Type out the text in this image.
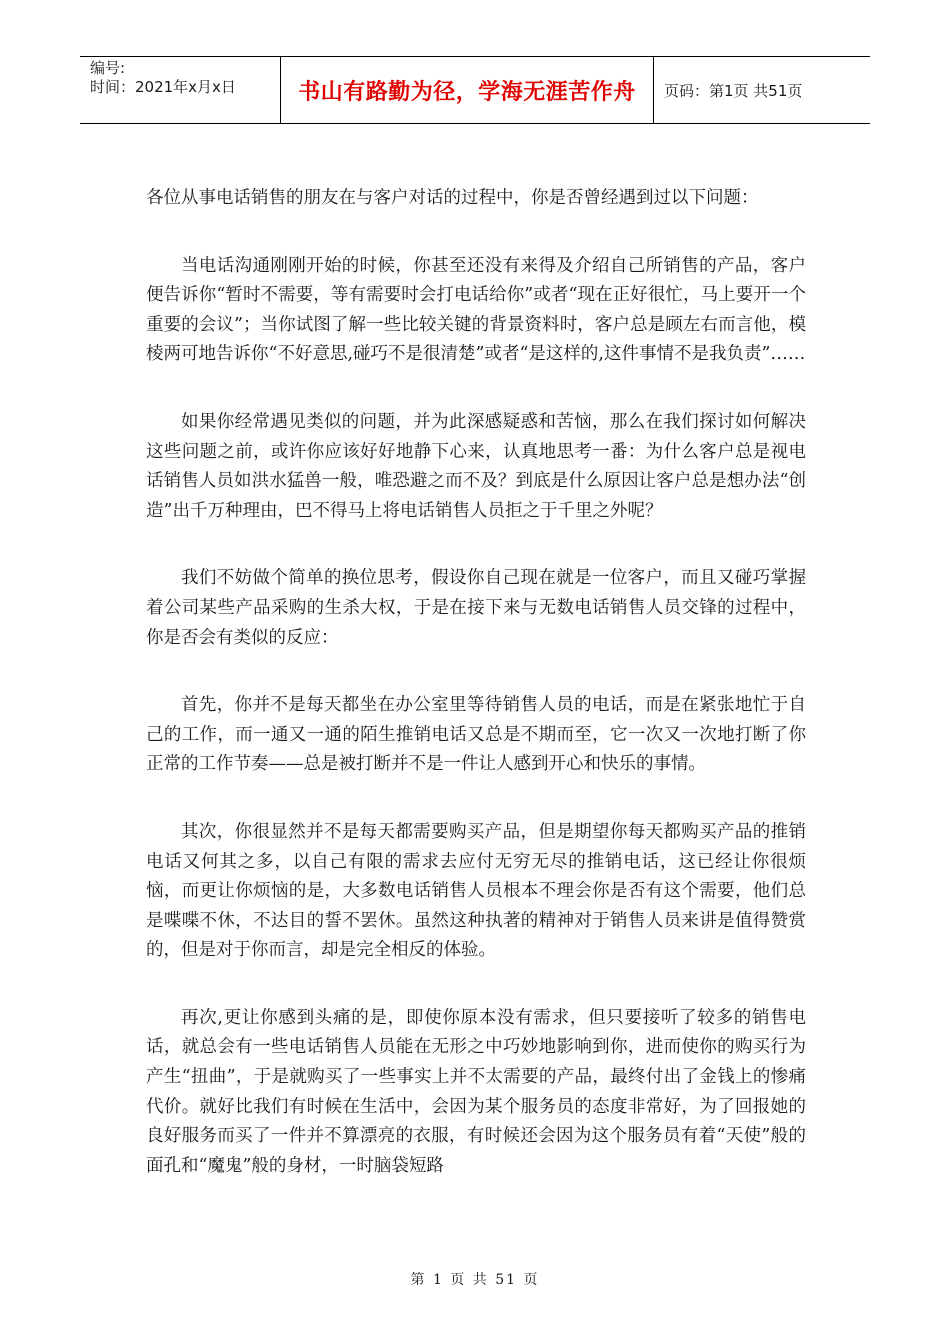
编号:
时间：2021年x月x日	书山有路勤为径，学海无涯苦作舟	页码：第1页 共51页

各位从事电话销售的朋友在与客户对话的过程中，你是否曾经遇到过以下问题：

当电话沟通刚刚开始的时候，你甚至还没有来得及介绍自己所销售的产品，客户便告诉你“暂时不需要，等有需要时会打电话给你”或者“现在正好很忙，马上要开一个重要的会议”；当你试图了解一些比较关键的背景资料时，客户总是顾左右而言他，模棱两可地告诉你“不好意思,碰巧不是很清楚”或者“是这样的,这件事情不是我负责”……

如果你经常遇见类似的问题，并为此深感疑惑和苦恼，那么在我们探讨如何解决这些问题之前，或许你应该好好地静下心来，认真地思考一番：为什么客户总是视电话销售人员如洪水猛兽一般，唯恐避之而不及？到底是什么原因让客户总是想办法“创造”出千万种理由，巴不得马上将电话销售人员拒之于千里之外呢？

我们不妨做个简单的换位思考，假设你自己现在就是一位客户，而且又碰巧掌握着公司某些产品采购的生杀大权，于是在接下来与无数电话销售人员交锋的过程中，你是否会有类似的反应：

首先，你并不是每天都坐在办公室里等待销售人员的电话，而是在紧张地忙于自己的工作，而一通又一通的陌生推销电话又总是不期而至，它一次又一次地打断了你正常的工作节奏——总是被打断并不是一件让人感到开心和快乐的事情。

其次，你很显然并不是每天都需要购买产品，但是期望你每天都购买产品的推销电话又何其之多，以自己有限的需求去应付无穷无尽的推销电话，这已经让你很烦恼，而更让你烦恼的是，大多数电话销售人员根本不理会你是否有这个需要，他们总是喋喋不休，不达目的誓不罢休。虽然这种执著的精神对于销售人员来讲是值得赞赏的，但是对于你而言，却是完全相反的体验。

再次,更让你感到头痛的是，即使你原本没有需求，但只要接听了较多的销售电话，就总会有一些电话销售人员能在无形之中巧妙地影响到你，进而使你的购买行为产生“扭曲”，于是就购买了一些事实上并不太需要的产品，最终付出了金钱上的惨痛代价。就好比我们有时候在生活中，会因为某个服务员的态度非常好，为了回报她的良好服务而买了一件并不算漂亮的衣服，有时候还会因为这个服务员有着“天使”般的面孔和“魔鬼”般的身材，一时脑袋短路

第 1 页 共 51 页
